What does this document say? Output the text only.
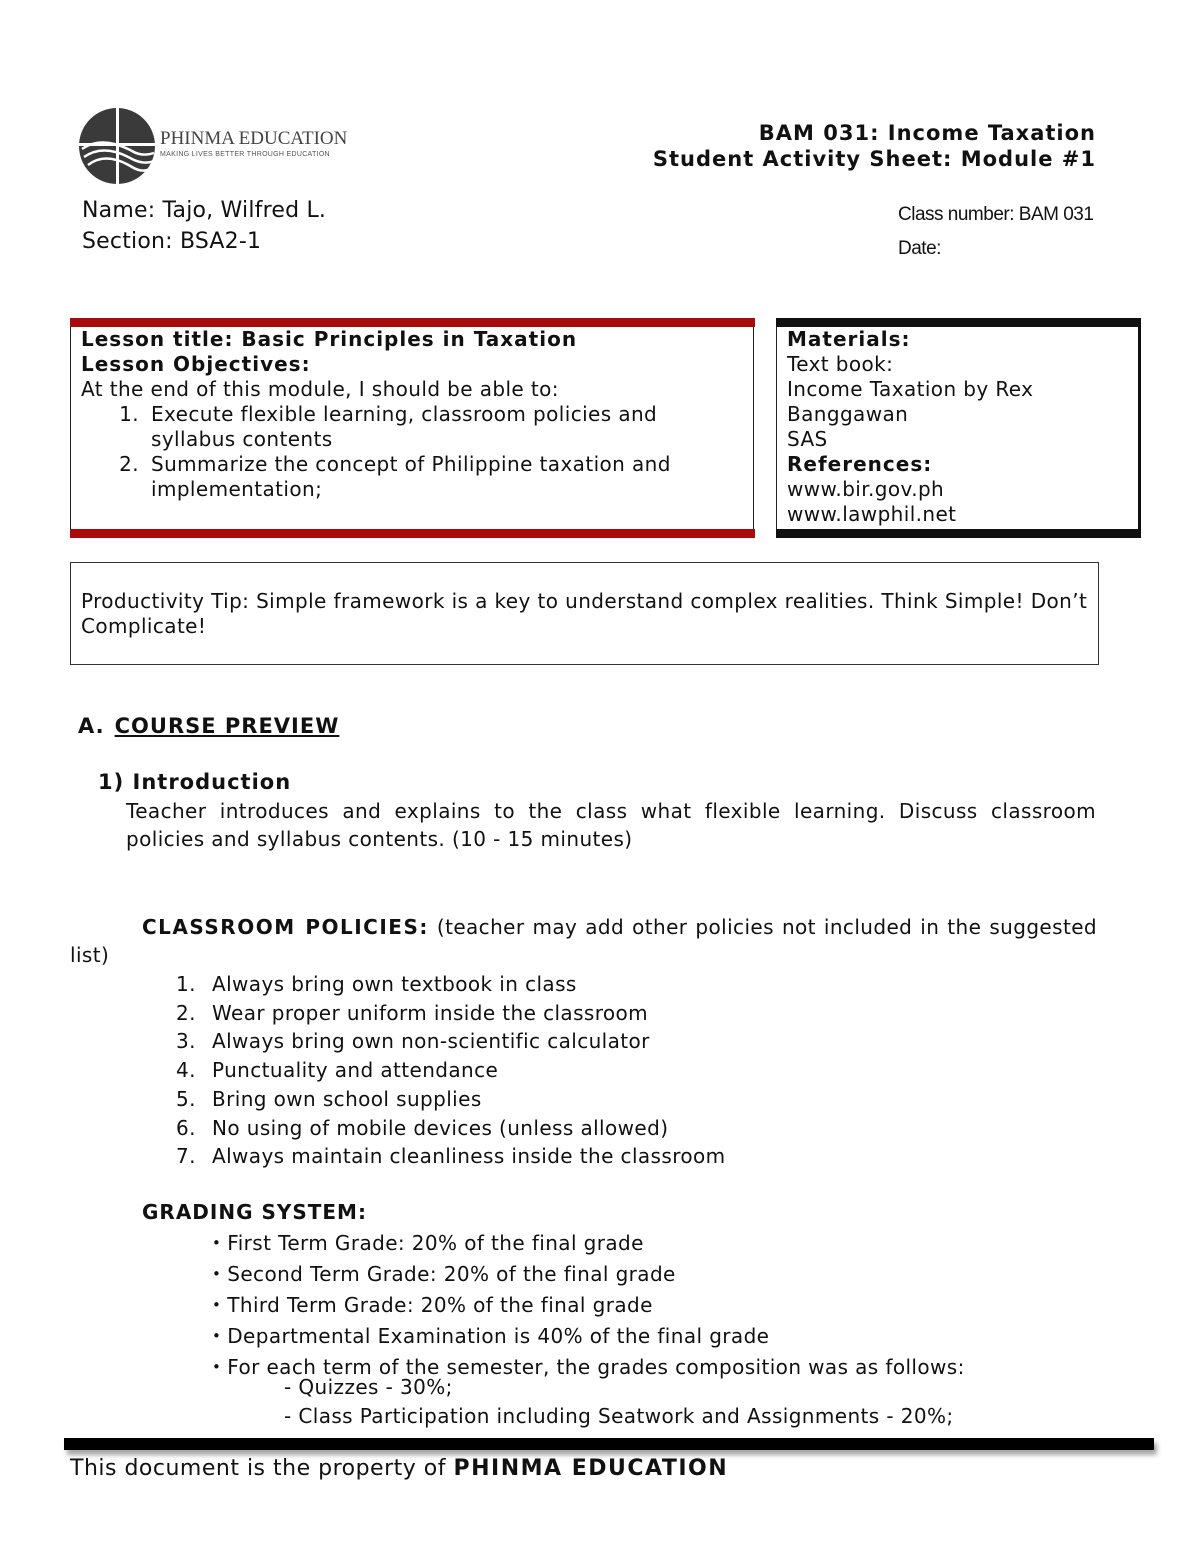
PHINMA EDUCATION
MAKING LIVES BETTER THROUGH EDUCATION
BAM 031: Income Taxation
Student Activity Sheet: Module #1
Name: Tajo, Wilfred L.
Section: BSA2-1
Class number: BAM 031
Date:
Lesson title: Basic Principles in Taxation
Lesson Objectives:
At the end of this module, I should be able to:
1. Execute flexible learning, classroom policies and syllabus contents
2. Summarize the concept of Philippine taxation and implementation;
Materials:
Text book:
Income Taxation by Rex Banggawan
SAS
References:
www.bir.gov.ph
www.lawphil.net
Productivity Tip: Simple framework is a key to understand complex realities. Think Simple! Don’t Complicate!
A. COURSE PREVIEW
1) Introduction
Teacher introduces and explains to the class what flexible learning. Discuss classroom policies and syllabus contents. (10 - 15 minutes)
CLASSROOM POLICIES: (teacher may add other policies not included in the suggested list)
1. Always bring own textbook in class
2. Wear proper uniform inside the classroom
3. Always bring own non-scientific calculator
4. Punctuality and attendance
5. Bring own school supplies
6. No using of mobile devices (unless allowed)
7. Always maintain cleanliness inside the classroom
GRADING SYSTEM:
• First Term Grade: 20% of the final grade
• Second Term Grade: 20% of the final grade
• Third Term Grade: 20% of the final grade
• Departmental Examination is 40% of the final grade
• For each term of the semester, the grades composition was as follows:
- Quizzes - 30%;
- Class Participation including Seatwork and Assignments - 20%;
This document is the property of PHINMA EDUCATION
